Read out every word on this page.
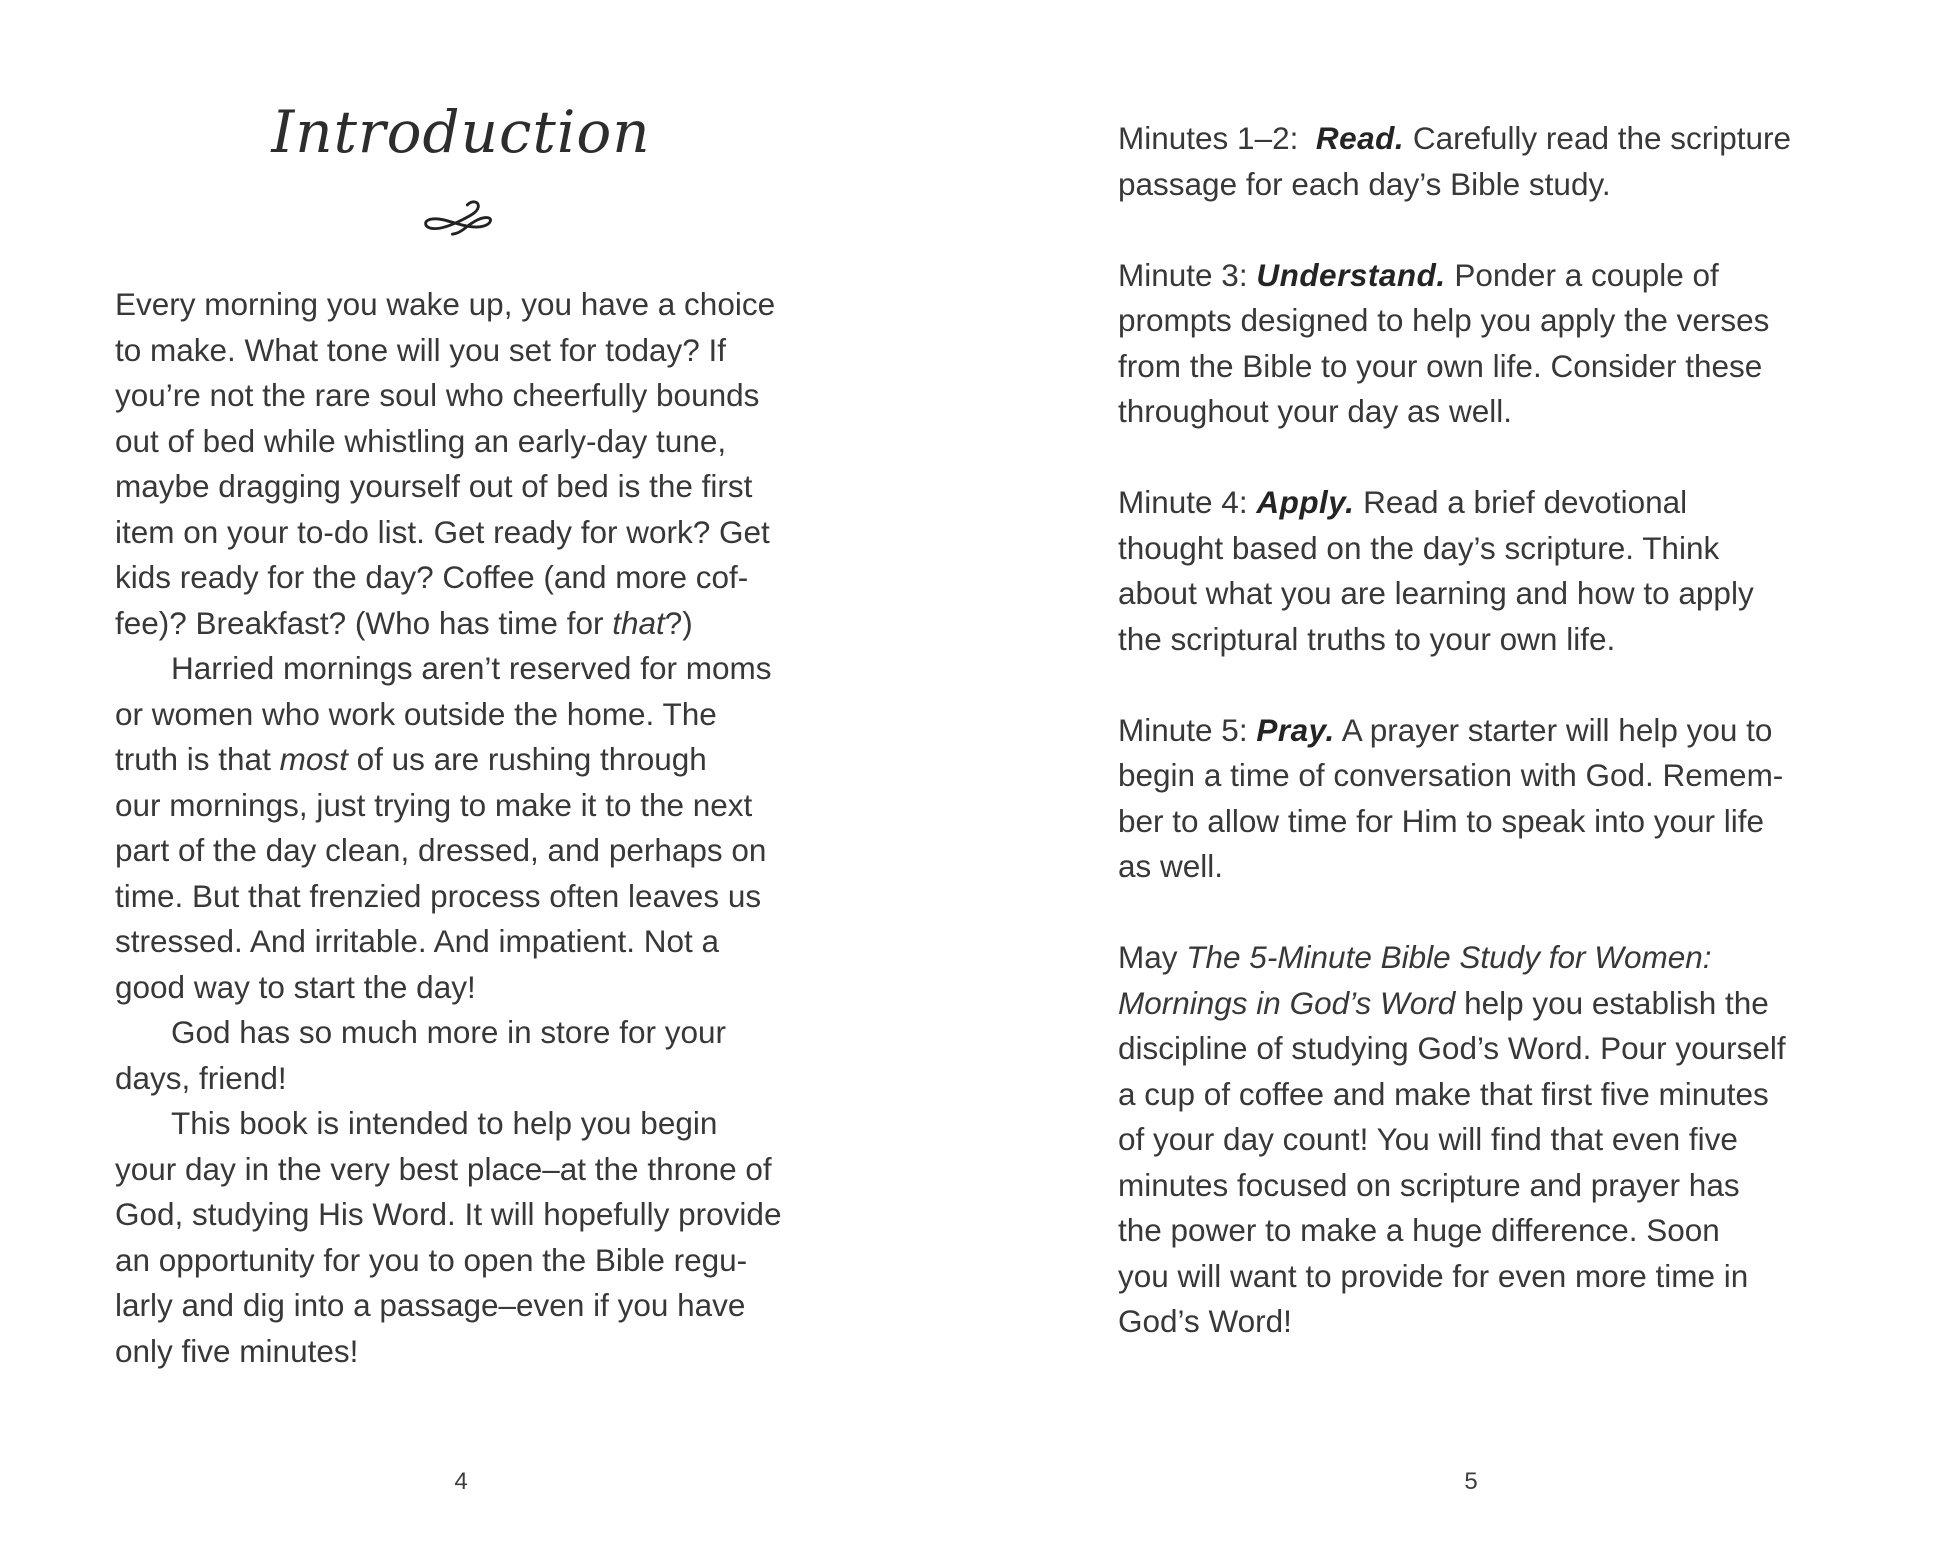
Introduction
Every morning you wake up, you have a choice
to make. What tone will you set for today? If
you’re not the rare soul who cheerfully bounds
out of bed while whistling an early-day tune,
maybe dragging yourself out of bed is the first
item on your to-do list. Get ready for work? Get
kids ready for the day? Coffee (and more cof-
fee)? Breakfast? (Who has time for that?)
Harried mornings aren’t reserved for moms
or women who work outside the home. The
truth is that most of us are rushing through
our mornings, just trying to make it to the next
part of the day clean, dressed, and perhaps on
time. But that frenzied process often leaves us
stressed. And irritable. And impatient. Not a
good way to start the day!
God has so much more in store for your
days, friend!
This book is intended to help you begin
your day in the very best place–at the throne of
God, studying His Word. It will hopefully provide
an opportunity for you to open the Bible regu-
larly and dig into a passage–even if you have
only five minutes!
4
Minutes 1–2:  Read. Carefully read the scripture
passage for each day’s Bible study.
Minute 3: Understand. Ponder a couple of
prompts designed to help you apply the verses
from the Bible to your own life. Consider these
throughout your day as well.
Minute 4: Apply. Read a brief devotional
thought based on the day’s scripture. Think
about what you are learning and how to apply
the scriptural truths to your own life.
Minute 5: Pray. A prayer starter will help you to
begin a time of conversation with God. Remem-
ber to allow time for Him to speak into your life
as well.
May The 5-Minute Bible Study for Women:
Mornings in God’s Word help you establish the
discipline of studying God’s Word. Pour yourself
a cup of coffee and make that first five minutes
of your day count! You will find that even five
minutes focused on scripture and prayer has
the power to make a huge difference. Soon
you will want to provide for even more time in
God’s Word!
5
